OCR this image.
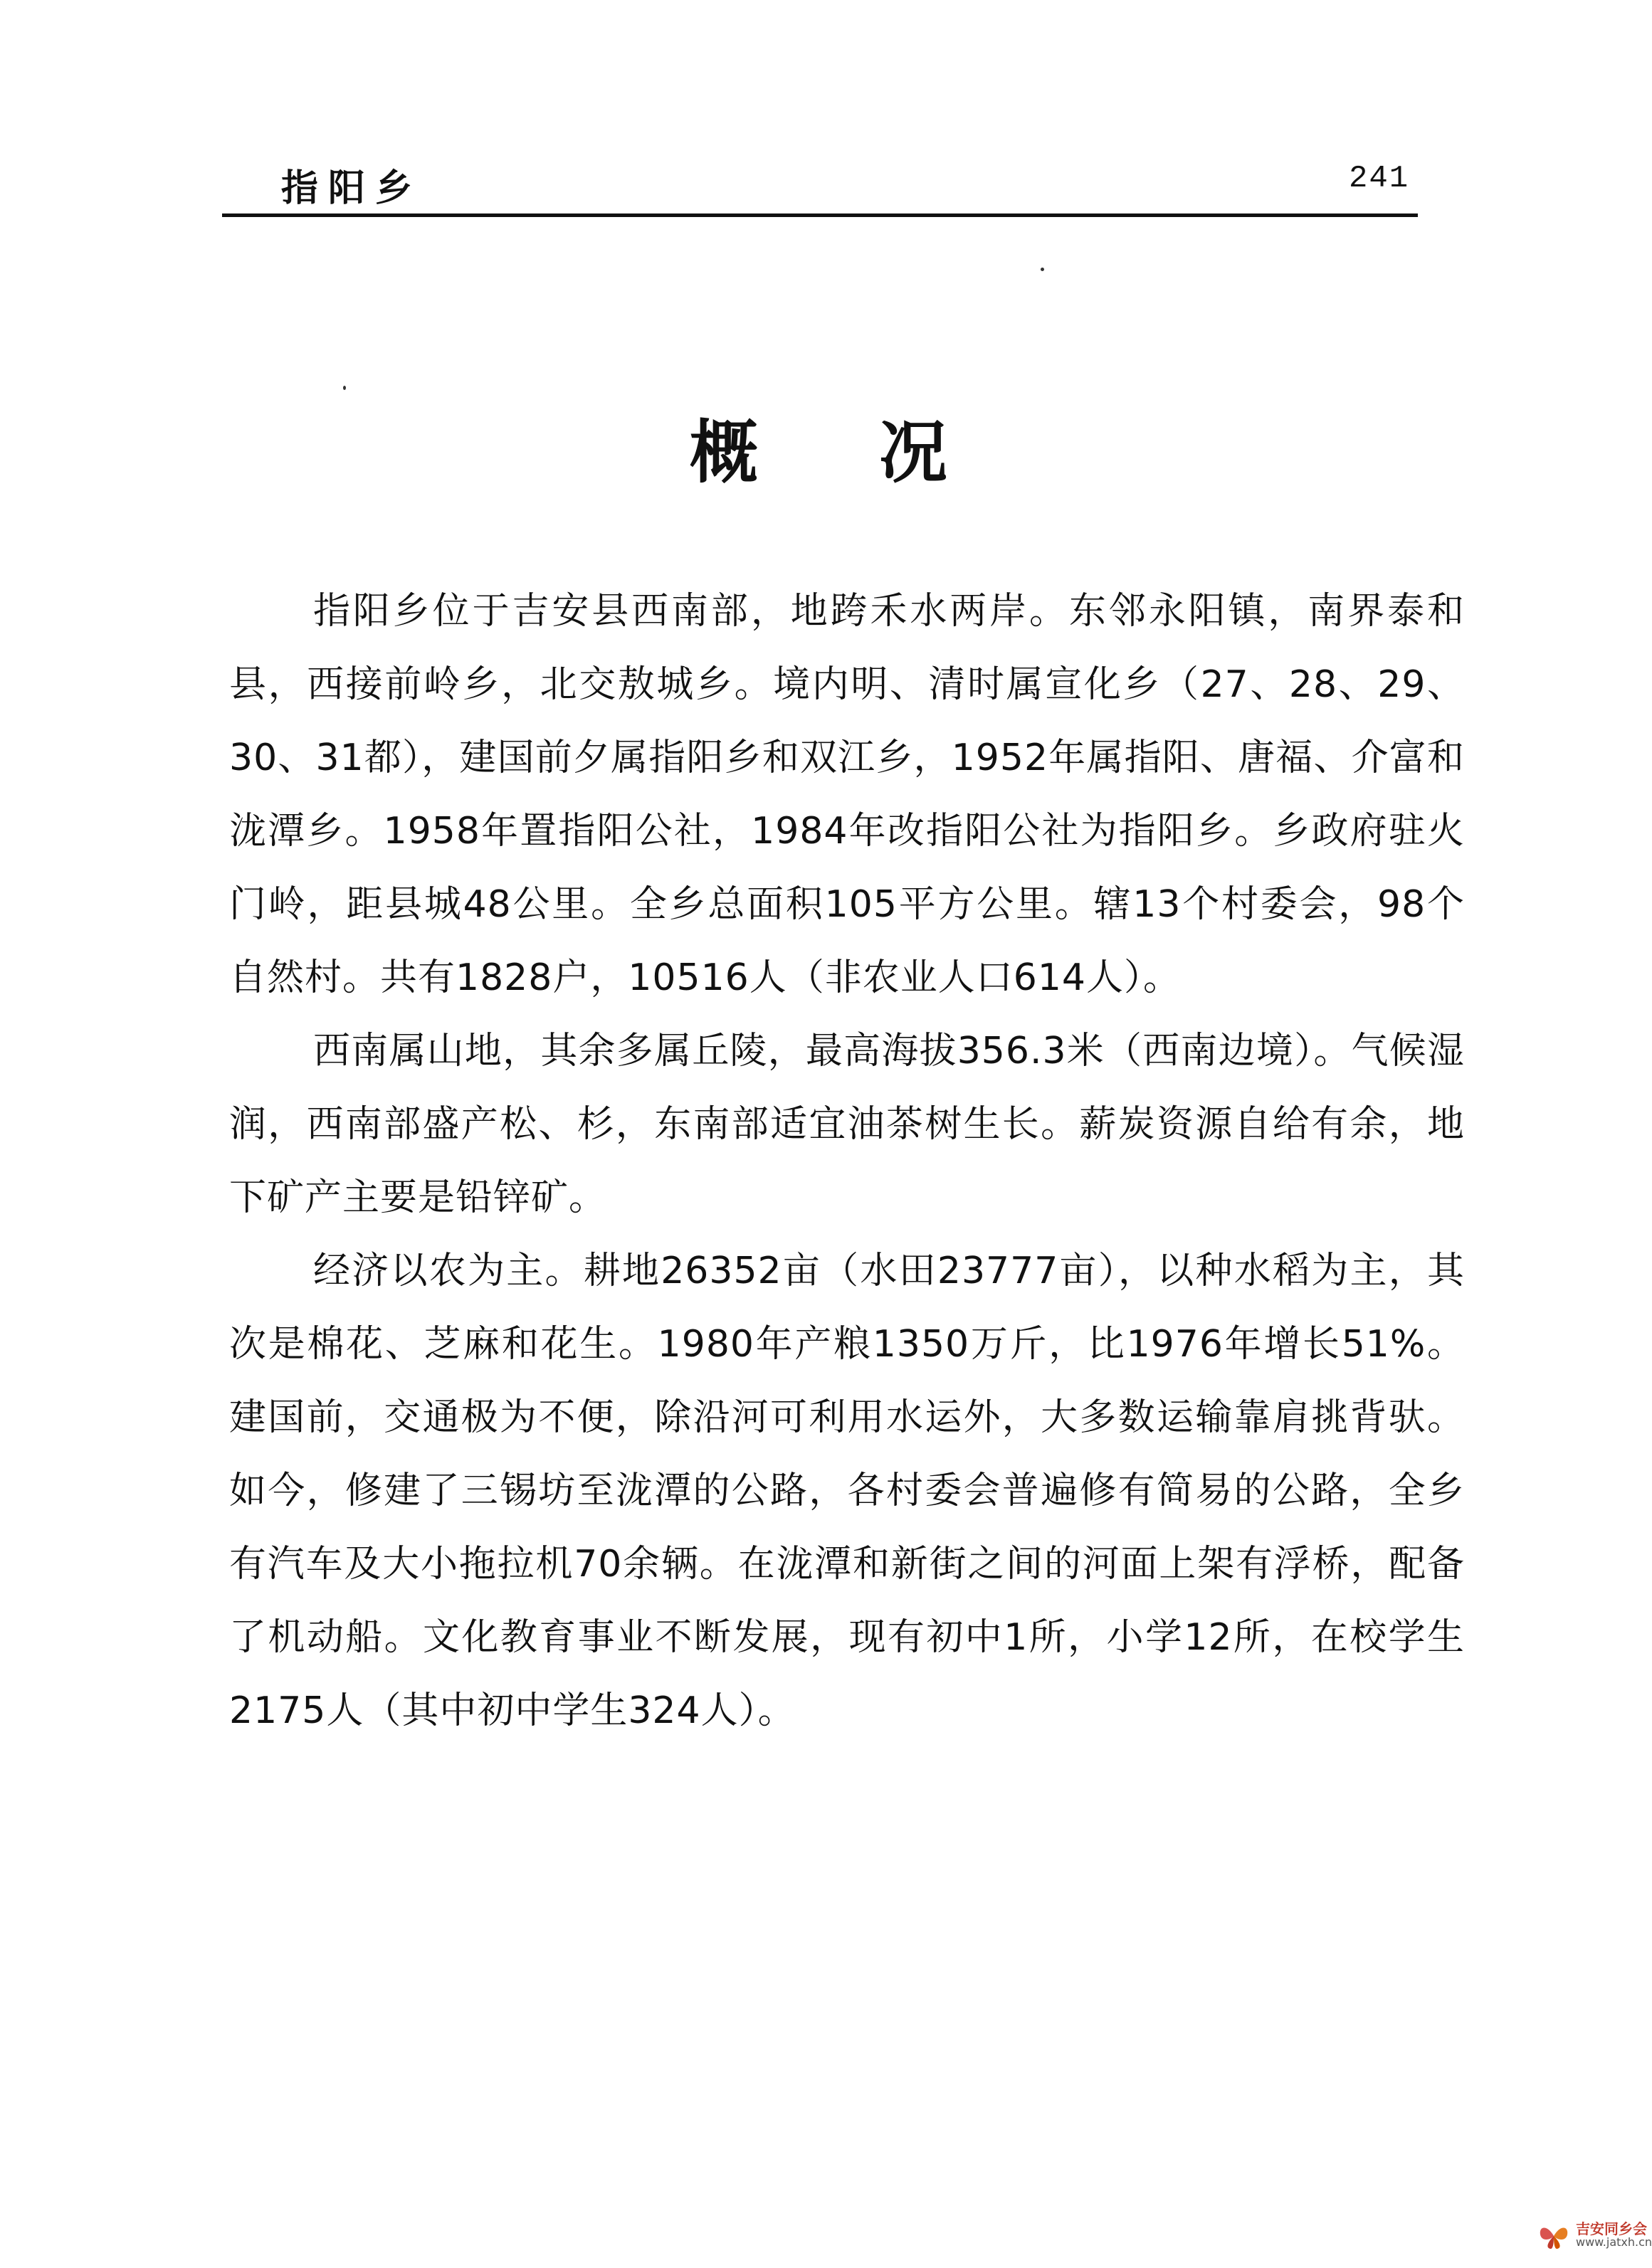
指阳乡	241
概况

指阳乡位于吉安县西南部，地跨禾水两岸。东邻永阳镇，南界泰和县，西接前岭乡，北交敖城乡。境内明、清时属宣化乡（27、28、29、30、31都），建国前夕属指阳乡和双江乡，1952年属指阳、唐福、介富和泷潭乡。1958年置指阳公社，1984年改指阳公社为指阳乡。乡政府驻火门岭，距县城48公里。全乡总面积105平方公里。辖13个村委会，98个自然村。共有1828户，10516人（非农业人口614人）。

西南属山地，其余多属丘陵，最高海拔356.3米（西南边境）。气候湿润，西南部盛产松、杉，东南部适宜油茶树生长。薪炭资源自给有余，地下矿产主要是铅锌矿。

经济以农为主。耕地26352亩（水田23777亩），以种水稻为主，其次是棉花、芝麻和花生。1980年产粮1350万斤，比1976年增长51%。建国前，交通极为不便，除沿河可利用水运外，大多数运输靠肩挑背驮。如今，修建了三锡坊至泷潭的公路，各村委会普遍修有简易的公路，全乡有汽车及大小拖拉机70余辆。在泷潭和新街之间的河面上架有浮桥，配备了机动船。文化教育事业不断发展，现有初中1所，小学12所，在校学生2175人（其中初中学生324人）。

吉安同乡会
www.jatxh.cn
